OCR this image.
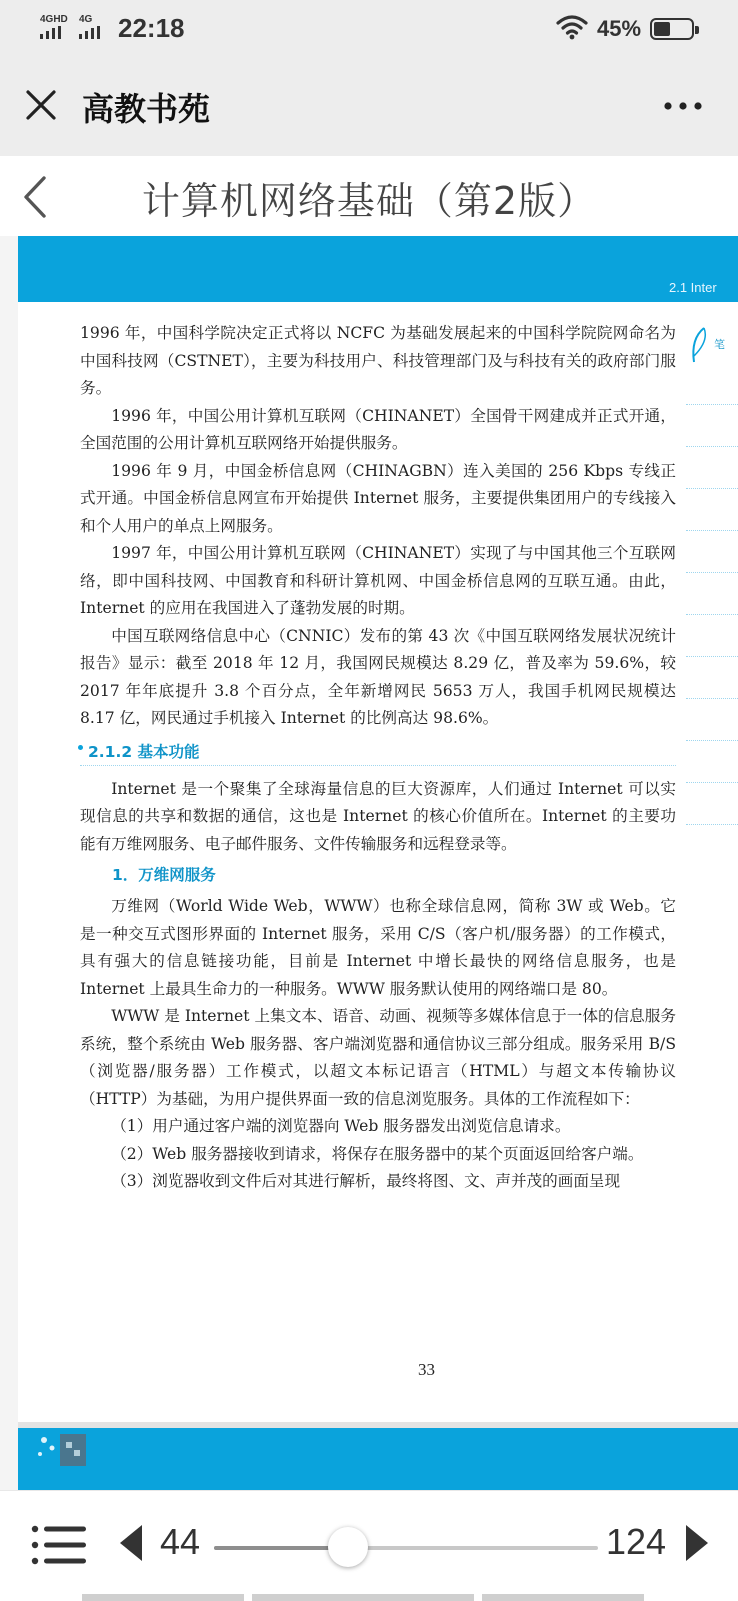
4GHD 4G 22:18	45%
高教书苑
计算机网络基础（第2版）
2.1 Inter
笔

1996 年，中国科学院决定正式将以 NCFC 为基础发展起来的中国科学院院网命名为中国科技网（CSTNET），主要为科技用户、科技管理部门及与科技有关的政府部门服务。

1996 年，中国公用计算机互联网（CHINANET）全国骨干网建成并正式开通，全国范围的公用计算机互联网络开始提供服务。

1996 年 9 月，中国金桥信息网（CHINAGBN）连入美国的 256 Kbps 专线正式开通。中国金桥信息网宣布开始提供 Internet 服务，主要提供集团用户的专线接入和个人用户的单点上网服务。

1997 年，中国公用计算机互联网（CHINANET）实现了与中国其他三个互联网络，即中国科技网、中国教育和科研计算机网、中国金桥信息网的互联互通。由此，Internet 的应用在我国进入了蓬勃发展的时期。

中国互联网络信息中心（CNNIC）发布的第 43 次《中国互联网络发展状况统计报告》显示：截至 2018 年 12 月，我国网民规模达 8.29 亿，普及率为 59.6%，较 2017 年年底提升 3.8 个百分点，全年新增网民 5653 万人，我国手机网民规模达 8.17 亿，网民通过手机接入 Internet 的比例高达 98.6%。

2.1.2 基本功能

Internet 是一个聚集了全球海量信息的巨大资源库，人们通过 Internet 可以实现信息的共享和数据的通信，这也是 Internet 的核心价值所在。Internet 的主要功能有万维网服务、电子邮件服务、文件传输服务和远程登录等。

1．万维网服务

万维网（World Wide Web，WWW）也称全球信息网，简称 3W 或 Web。它是一种交互式图形界面的 Internet 服务，采用 C/S（客户机/服务器）的工作模式，具有强大的信息链接功能，目前是 Internet 中增长最快的网络信息服务，也是 Internet 上最具生命力的一种服务。WWW 服务默认使用的网络端口是 80。

WWW 是 Internet 上集文本、语音、动画、视频等多媒体信息于一体的信息服务系统，整个系统由 Web 服务器、客户端浏览器和通信协议三部分组成。服务采用 B/S（浏览器/服务器）工作模式，以超文本标记语言（HTML）与超文本传输协议（HTTP）为基础，为用户提供界面一致的信息浏览服务。具体的工作流程如下：

（1）用户通过客户端的浏览器向 Web 服务器发出浏览信息请求。

（2）Web 服务器接收到请求，将保存在服务器中的某个页面返回给客户端。

（3）浏览器收到文件后对其进行解析，最终将图、文、声并茂的画面呈现

33
44	124
